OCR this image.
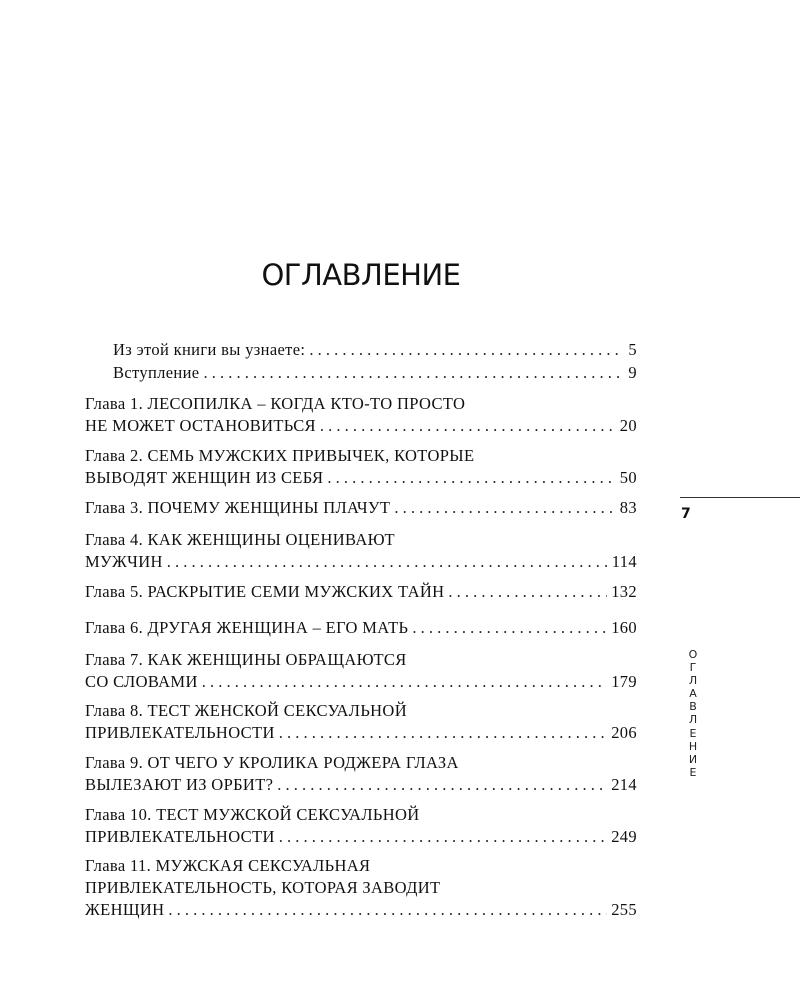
ОГЛАВЛЕНИЕ
Из этой книги вы узнаете: . . .	5
Вступление . . .	9
Глава 1. ЛЕСОПИЛКА – КОГДА КТО-ТО ПРОСТО
НЕ МОЖЕТ ОСТАНОВИТЬСЯ . . .	20
Глава 2. СЕМЬ МУЖСКИХ ПРИВЫЧЕК, КОТОРЫЕ
ВЫВОДЯТ ЖЕНЩИН ИЗ СЕБЯ . . .	50
Глава 3. ПОЧЕМУ ЖЕНЩИНЫ ПЛАЧУТ . . .	83
Глава 4. КАК ЖЕНЩИНЫ ОЦЕНИВАЮТ
МУЖЧИН . . .	114
Глава 5. РАСКРЫТИЕ СЕМИ МУЖСКИХ ТАЙН . . .	132
Глава 6. ДРУГАЯ ЖЕНЩИНА – ЕГО МАТЬ . . .	160
Глава 7. КАК ЖЕНЩИНЫ ОБРАЩАЮТСЯ
СО СЛОВАМИ . . .	179
Глава 8. ТЕСТ ЖЕНСКОЙ СЕКСУАЛЬНОЙ
ПРИВЛЕКАТЕЛЬНОСТИ . . .	206
Глава 9. ОТ ЧЕГО У КРОЛИКА РОДЖЕРА ГЛАЗА
ВЫЛЕЗАЮТ ИЗ ОРБИТ? . . .	214
Глава 10. ТЕСТ МУЖСКОЙ СЕКСУАЛЬНОЙ
ПРИВЛЕКАТЕЛЬНОСТИ . . .	249
Глава 11. МУЖСКАЯ СЕКСУАЛЬНАЯ
ПРИВЛЕКАТЕЛЬНОСТЬ, КОТОРАЯ ЗАВОДИТ
ЖЕНЩИН . . .	255
7
О
Г
Л
А
В
Л
Е
Н
И
Е
